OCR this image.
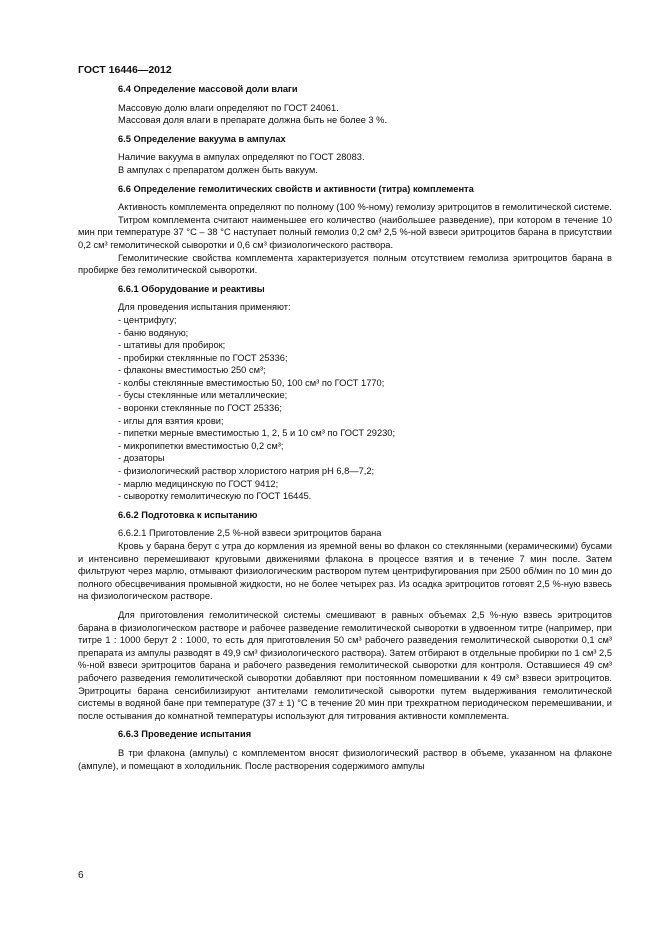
ГОСТ 16446—2012
6.4 Определение массовой доли влаги
Массовую долю влаги определяют по ГОСТ 24061.
Массовая доля влаги в препарате должна быть не более 3 %.
6.5 Определение вакуума в ампулах
Наличие вакуума в ампулах определяют по ГОСТ 28083.
В ампулах с препаратом должен быть вакуум.
6.6 Определение гемолитических свойств и активности (титра) комплемента
Активность комплемента определяют по полному (100 %-ному) гемолизу эритроцитов в гемолитической системе.
Титром комплемента считают наименьшее его количество (наибольшее разведение), при котором в течение 10 мин при температуре 37 °С – 38 °С наступает полный гемолиз 0,2 см³ 2,5 %-ной взвеси эритроцитов барана в присутствии 0,2 см³ гемолитической сыворотки и 0,6 см³ физиологического раствора.
Гемолитические свойства комплемента характеризуется полным отсутствием гемолиза эритроцитов барана в пробирке без гемолитической сыворотки.
6.6.1 Оборудование и реактивы
Для проведения испытания применяют:
- центрифугу;
- баню водяную;
- штативы для пробирок;
- пробирки стеклянные по ГОСТ 25336;
- флаконы вместимостью 250 см³;
- колбы стеклянные вместимостью 50, 100 см³ по ГОСТ 1770;
- бусы стеклянные или металлические;
- воронки стеклянные по ГОСТ 25336;
- иглы для взятия крови;
- пипетки мерные вместимостью 1, 2, 5 и 10 см³ по ГОСТ 29230;
- микропипетки вместимостью 0,2 см³;
- дозаторы
- физиологический раствор хлористого натрия рН 6,8—7,2;
- марлю медицинскую по ГОСТ 9412;
- сыворотку гемолитическую по ГОСТ 16445.
6.6.2 Подготовка к испытанию
6.6.2.1 Приготовление 2,5 %-ной взвеси эритроцитов барана
Кровь у барана берут с утра до кормления из яремной вены во флакон со стеклянными (керамическими) бусами и интенсивно перемешивают круговыми движениями флакона в процессе взятия и в течение 7 мин после. Затем фильтруют через марлю, отмывают физиологическим раствором путем центрифугирования при 2500 об/мин по 10 мин до полного обесцвечивания промывной жидкости, но не более четырех раз. Из осадка эритроцитов готовят 2,5 %-ную взвесь на физиологическом растворе.
Для приготовления гемолитической системы смешивают в равных объемах 2,5 %-ную взвесь эритроцитов барана в физиологическом растворе и рабочее разведение гемолитической сыворотки в удвоенном титре (например, при титре 1 : 1000 берут 2 : 1000, то есть для приготовления 50 см³ рабочего разведения гемолитической сыворотки 0,1 см³ препарата из ампулы разводят в 49,9 см³ физиологического раствора). Затем отбирают в отдельные пробирки по 1 см³ 2,5 %-ной взвеси эритроцитов барана и рабочего разведения гемолитической сыворотки для контроля. Оставшиеся 49 см³ рабочего разведения гемолитической сыворотки добавляют при постоянном помешивании к 49 см³ взвеси эритроцитов. Эритроциты барана сенсибилизируют антителами гемолитической сыворотки путем выдерживания гемолитической системы в водяной бане при температуре (37 ± 1) °С в течение 20 мин при трехкратном периодическом перемешивании, и после остывания до комнатной температуры используют для титрования активности комплемента.
6.6.3 Проведение испытания
В три флакона (ампулы) с комплементом вносят физиологический раствор в объеме, указанном на флаконе (ампуле), и помещают в холодильник. После растворения содержимого ампулы
6
